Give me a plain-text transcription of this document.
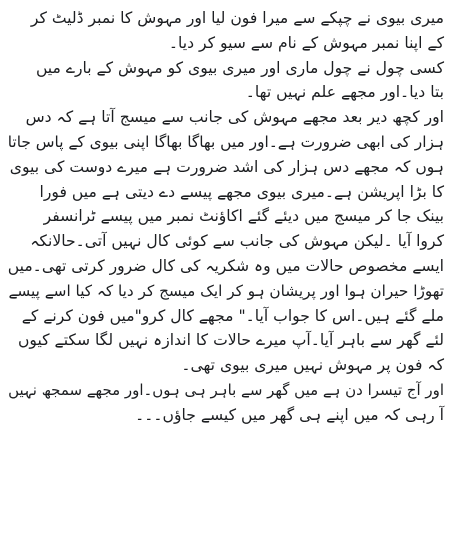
میری بیوی نے چپکے سے میرا فون لیا اور مہوش کا نمبر ڈلیٹ کر
کے اپنا نمبر مہوش کے نام سے سیو کر دیا۔
کسی چول نے چول ماری اور میری بیوی کو مہوش کے بارے میں
بتا دیا۔اور مجھے علم نہیں تھا۔
اور کچھ دیر بعد مجھے مہوش کی جانب سے میسج آتا ہے کہ دس
ہزار کی ابھی ضرورت ہے۔اور میں بھاگا بھاگا اپنی بیوی کے پاس جاتا
ہوں کہ مجھے دس ہزار کی اشد ضرورت ہے میرے دوست کی بیوی
کا بڑا اپریشن ہے۔میری بیوی مجھے پیسے دے دیتی ہے میں فورا
بینک جا کر میسج میں دیئے گئے اکاؤنٹ نمبر میں پیسے ٹرانسفر
کروا آیا ۔لیکن مہوش کی جانب سے کوئی کال نہیں آتی۔حالانکہ
ایسے مخصوص حالات میں وہ شکریہ کی کال ضرور کرتی تھی۔میں
تھوڑا حیران ہوا اور پریشان ہو کر ایک میسج کر دیا کہ کیا اسے پیسے
ملے گئے ہیں۔اس کا جواب آیا۔" مجھے کال کرو"میں فون کرنے کے
لئے گھر سے باہر آیا۔آپ میرے حالات کا اندازہ نہیں لگا سکتے کیوں
کہ فون پر مہوش نہیں میری بیوی تھی۔
اور آج تیسرا دن ہے میں گھر سے باہر ہی ہوں۔اور مجھے سمجھ نہیں
آ رہی کہ میں اپنے ہی گھر میں کیسے جاؤں۔۔۔
